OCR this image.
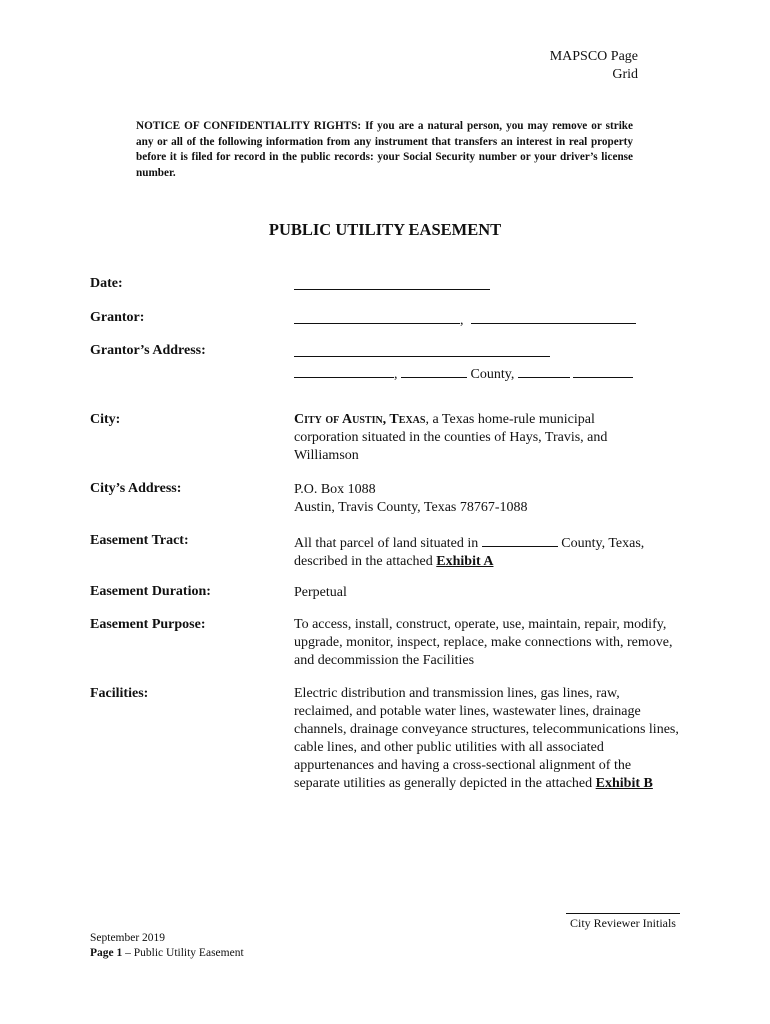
MAPSCO Page
Grid
NOTICE OF CONFIDENTIALITY RIGHTS: If you are a natural person, you may remove or strike any or all of the following information from any instrument that transfers an interest in real property before it is filed for record in the public records: your Social Security number or your driver’s license number.
PUBLIC UTILITY EASEMENT
Date:
Grantor:	,
Grantor’s Address:
,	County,
City:	City of Austin, Texas, a Texas home-rule municipal corporation situated in the counties of Hays, Travis, and Williamson
City’s Address:	P.O. Box 1088
Austin, Travis County, Texas 78767-1088
Easement Tract:	All that parcel of land situated in	County, Texas, described in the attached Exhibit A
Easement Duration:	Perpetual
Easement Purpose:	To access, install, construct, operate, use, maintain, repair, modify, upgrade, monitor, inspect, replace, make connections with, remove, and decommission the Facilities
Facilities:	Electric distribution and transmission lines, gas lines, raw, reclaimed, and potable water lines, wastewater lines, drainage channels, drainage conveyance structures, telecommunications lines, cable lines, and other public utilities with all associated appurtenances and having a cross-sectional alignment of the separate utilities as generally depicted in the attached Exhibit B
City Reviewer Initials
September 2019
Page 1 – Public Utility Easement
